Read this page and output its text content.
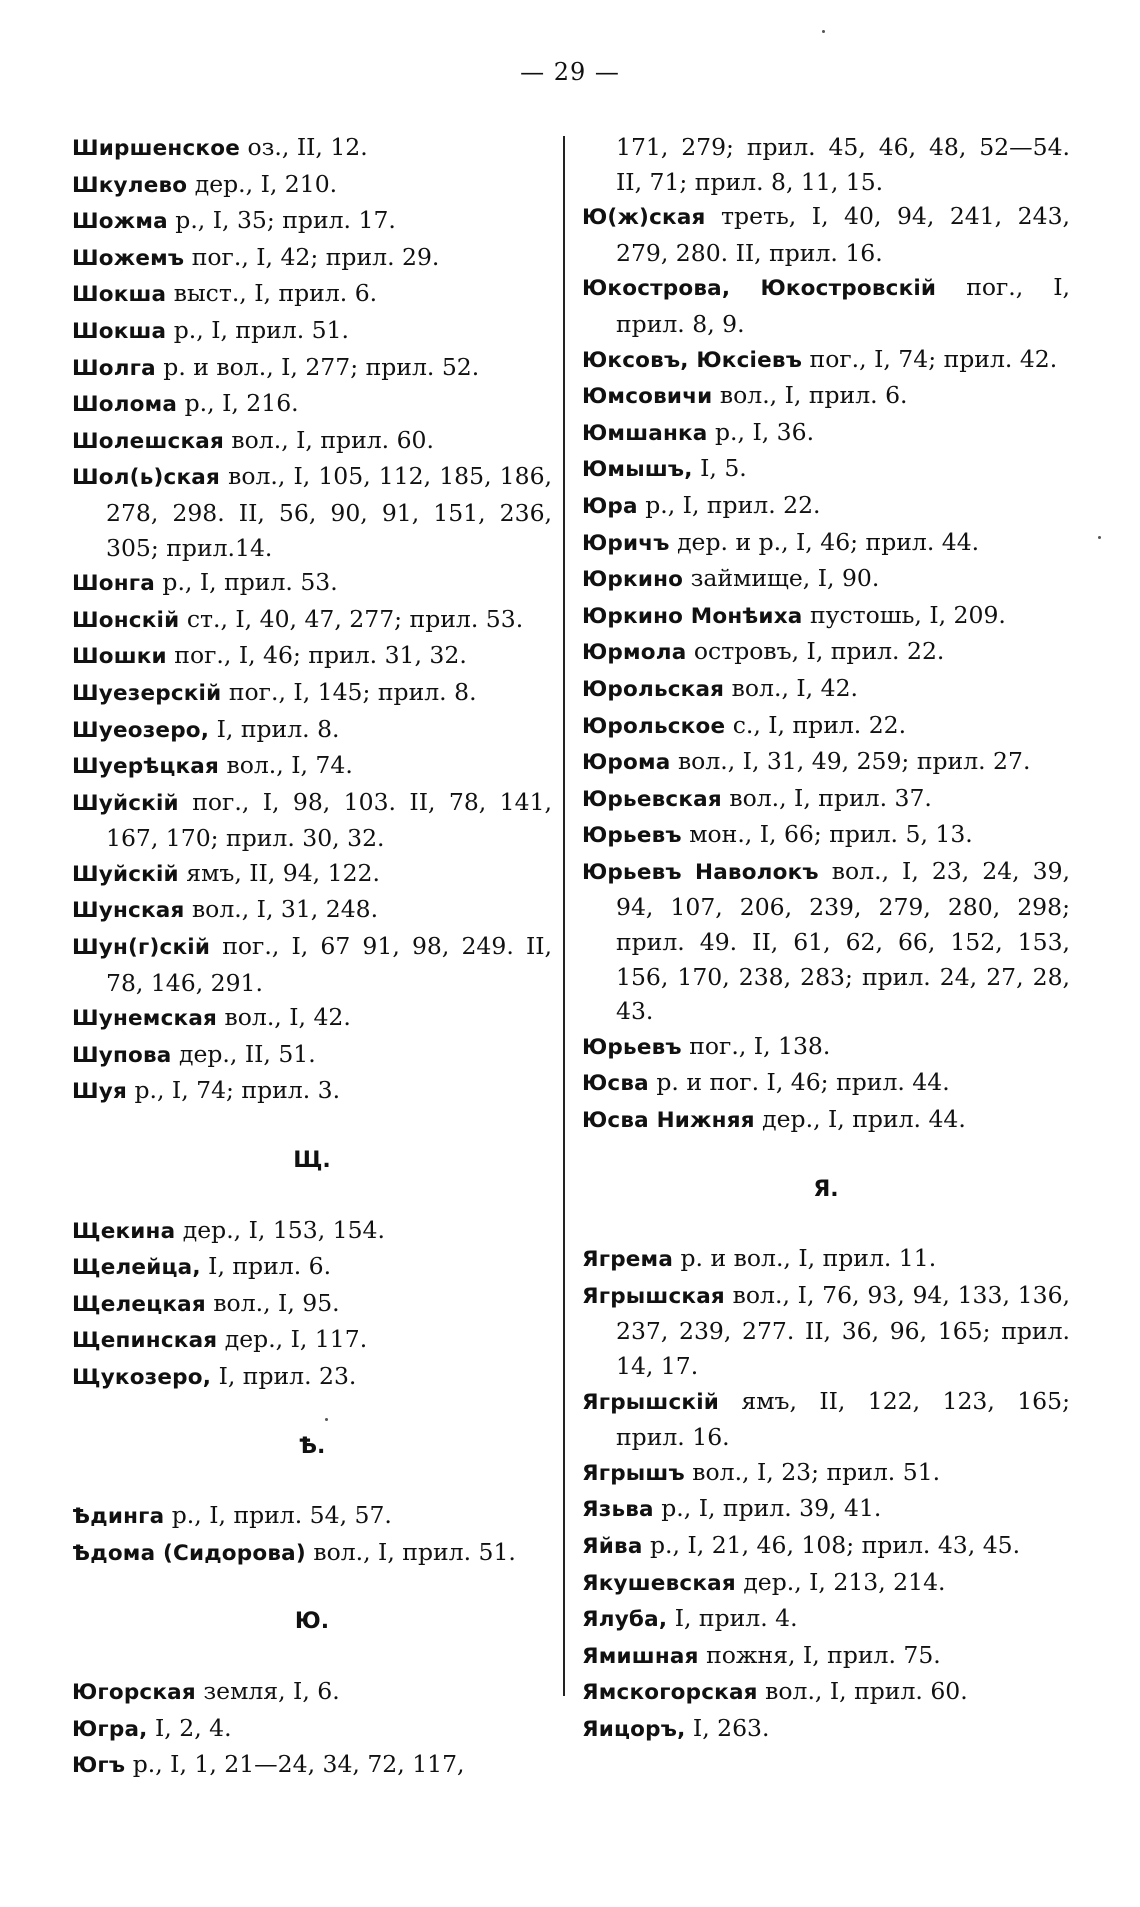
— 29 —
Ширшенское оз., II, 12.
Шкулево дер., I, 210.
Шожма р., I, 35; прил. 17.
Шожемъ пог., I, 42; прил. 29.
Шокша выст., I, прил. 6.
Шокша р., I, прил. 51.
Шолга р. и вол., I, 277; прил. 52.
Шолома р., I, 216.
Шолешская вол., I, прил. 60.
Шол(ь)ская вол., I, 105, 112, 185, 186, 278, 298. II, 56, 90, 91, 151, 236, 305; прил.14.
Шонга р., I, прил. 53.
Шонскій ст., I, 40, 47, 277; прил. 53.
Шошки пог., I, 46; прил. 31, 32.
Шуезерскій пог., I, 145; прил. 8.
Шуеозеро, I, прил. 8.
Шуерѣцкая вол., I, 74.
Шуйскій пог., I, 98, 103. II, 78, 141, 167, 170; прил. 30, 32.
Шуйскій ямъ, II, 94, 122.
Шунская вол., I, 31, 248.
Шун(г)скій пог., I, 67 91, 98, 249. II, 78, 146, 291.
Шунемская вол., I, 42.
Шупова дер., II, 51.
Шуя р., I, 74; прил. 3.
Щ.
Щекина дер., I, 153, 154.
Щелейца, I, прил. 6.
Щелецкая вол., I, 95.
Щепинская дер., I, 117.
Щукозеро, I, прил. 23.
Ѣ.
Ѣдинга р., I, прил. 54, 57.
Ѣдома (Сидорова) вол., I, прил. 51.
Ю.
Югорская земля, I, 6.
Югра, I, 2, 4.
Югъ р., I, 1, 21—24, 34, 72, 117,
171, 279; прил. 45, 46, 48, 52—54. II, 71; прил. 8, 11, 15.
Ю(ж)ская треть, I, 40, 94, 241, 243, 279, 280. II, прил. 16.
Юкострова, Юкостровскій пог., I, прил. 8, 9.
Юксовъ, Юксіевъ пог., I, 74; прил. 42.
Юмсовичи вол., I, прил. 6.
Юмшанка р., I, 36.
Юмышъ, I, 5.
Юра р., I, прил. 22.
Юричъ дер. и р., I, 46; прил. 44.
Юркино займище, I, 90.
Юркино Монѣиха пустошь, I, 209.
Юрмола островъ, I, прил. 22.
Юрольская вол., I, 42.
Юрольское с., I, прил. 22.
Юрома вол., I, 31, 49, 259; прил. 27.
Юрьевская вол., I, прил. 37.
Юрьевъ мон., I, 66; прил. 5, 13.
Юрьевъ Наволокъ вол., I, 23, 24, 39, 94, 107, 206, 239, 279, 280, 298; прил. 49. II, 61, 62, 66, 152, 153, 156, 170, 238, 283; прил. 24, 27, 28, 43.
Юрьевъ пог., I, 138.
Юсва р. и пог. I, 46; прил. 44.
Юсва Нижняя дер., I, прил. 44.
Я.
Ягрема р. и вол., I, прил. 11.
Ягрышская вол., I, 76, 93, 94, 133, 136, 237, 239, 277. II, 36, 96, 165; прил. 14, 17.
Ягрышскій ямъ, II, 122, 123, 165; прил. 16.
Ягрышъ вол., I, 23; прил. 51.
Язьва р., I, прил. 39, 41.
Яйва р., I, 21, 46, 108; прил. 43, 45.
Якушевская дер., I, 213, 214.
Ялуба, I, прил. 4.
Ямишная пожня, I, прил. 75.
Ямскогорская вол., I, прил. 60.
Яицоръ, I, 263.
